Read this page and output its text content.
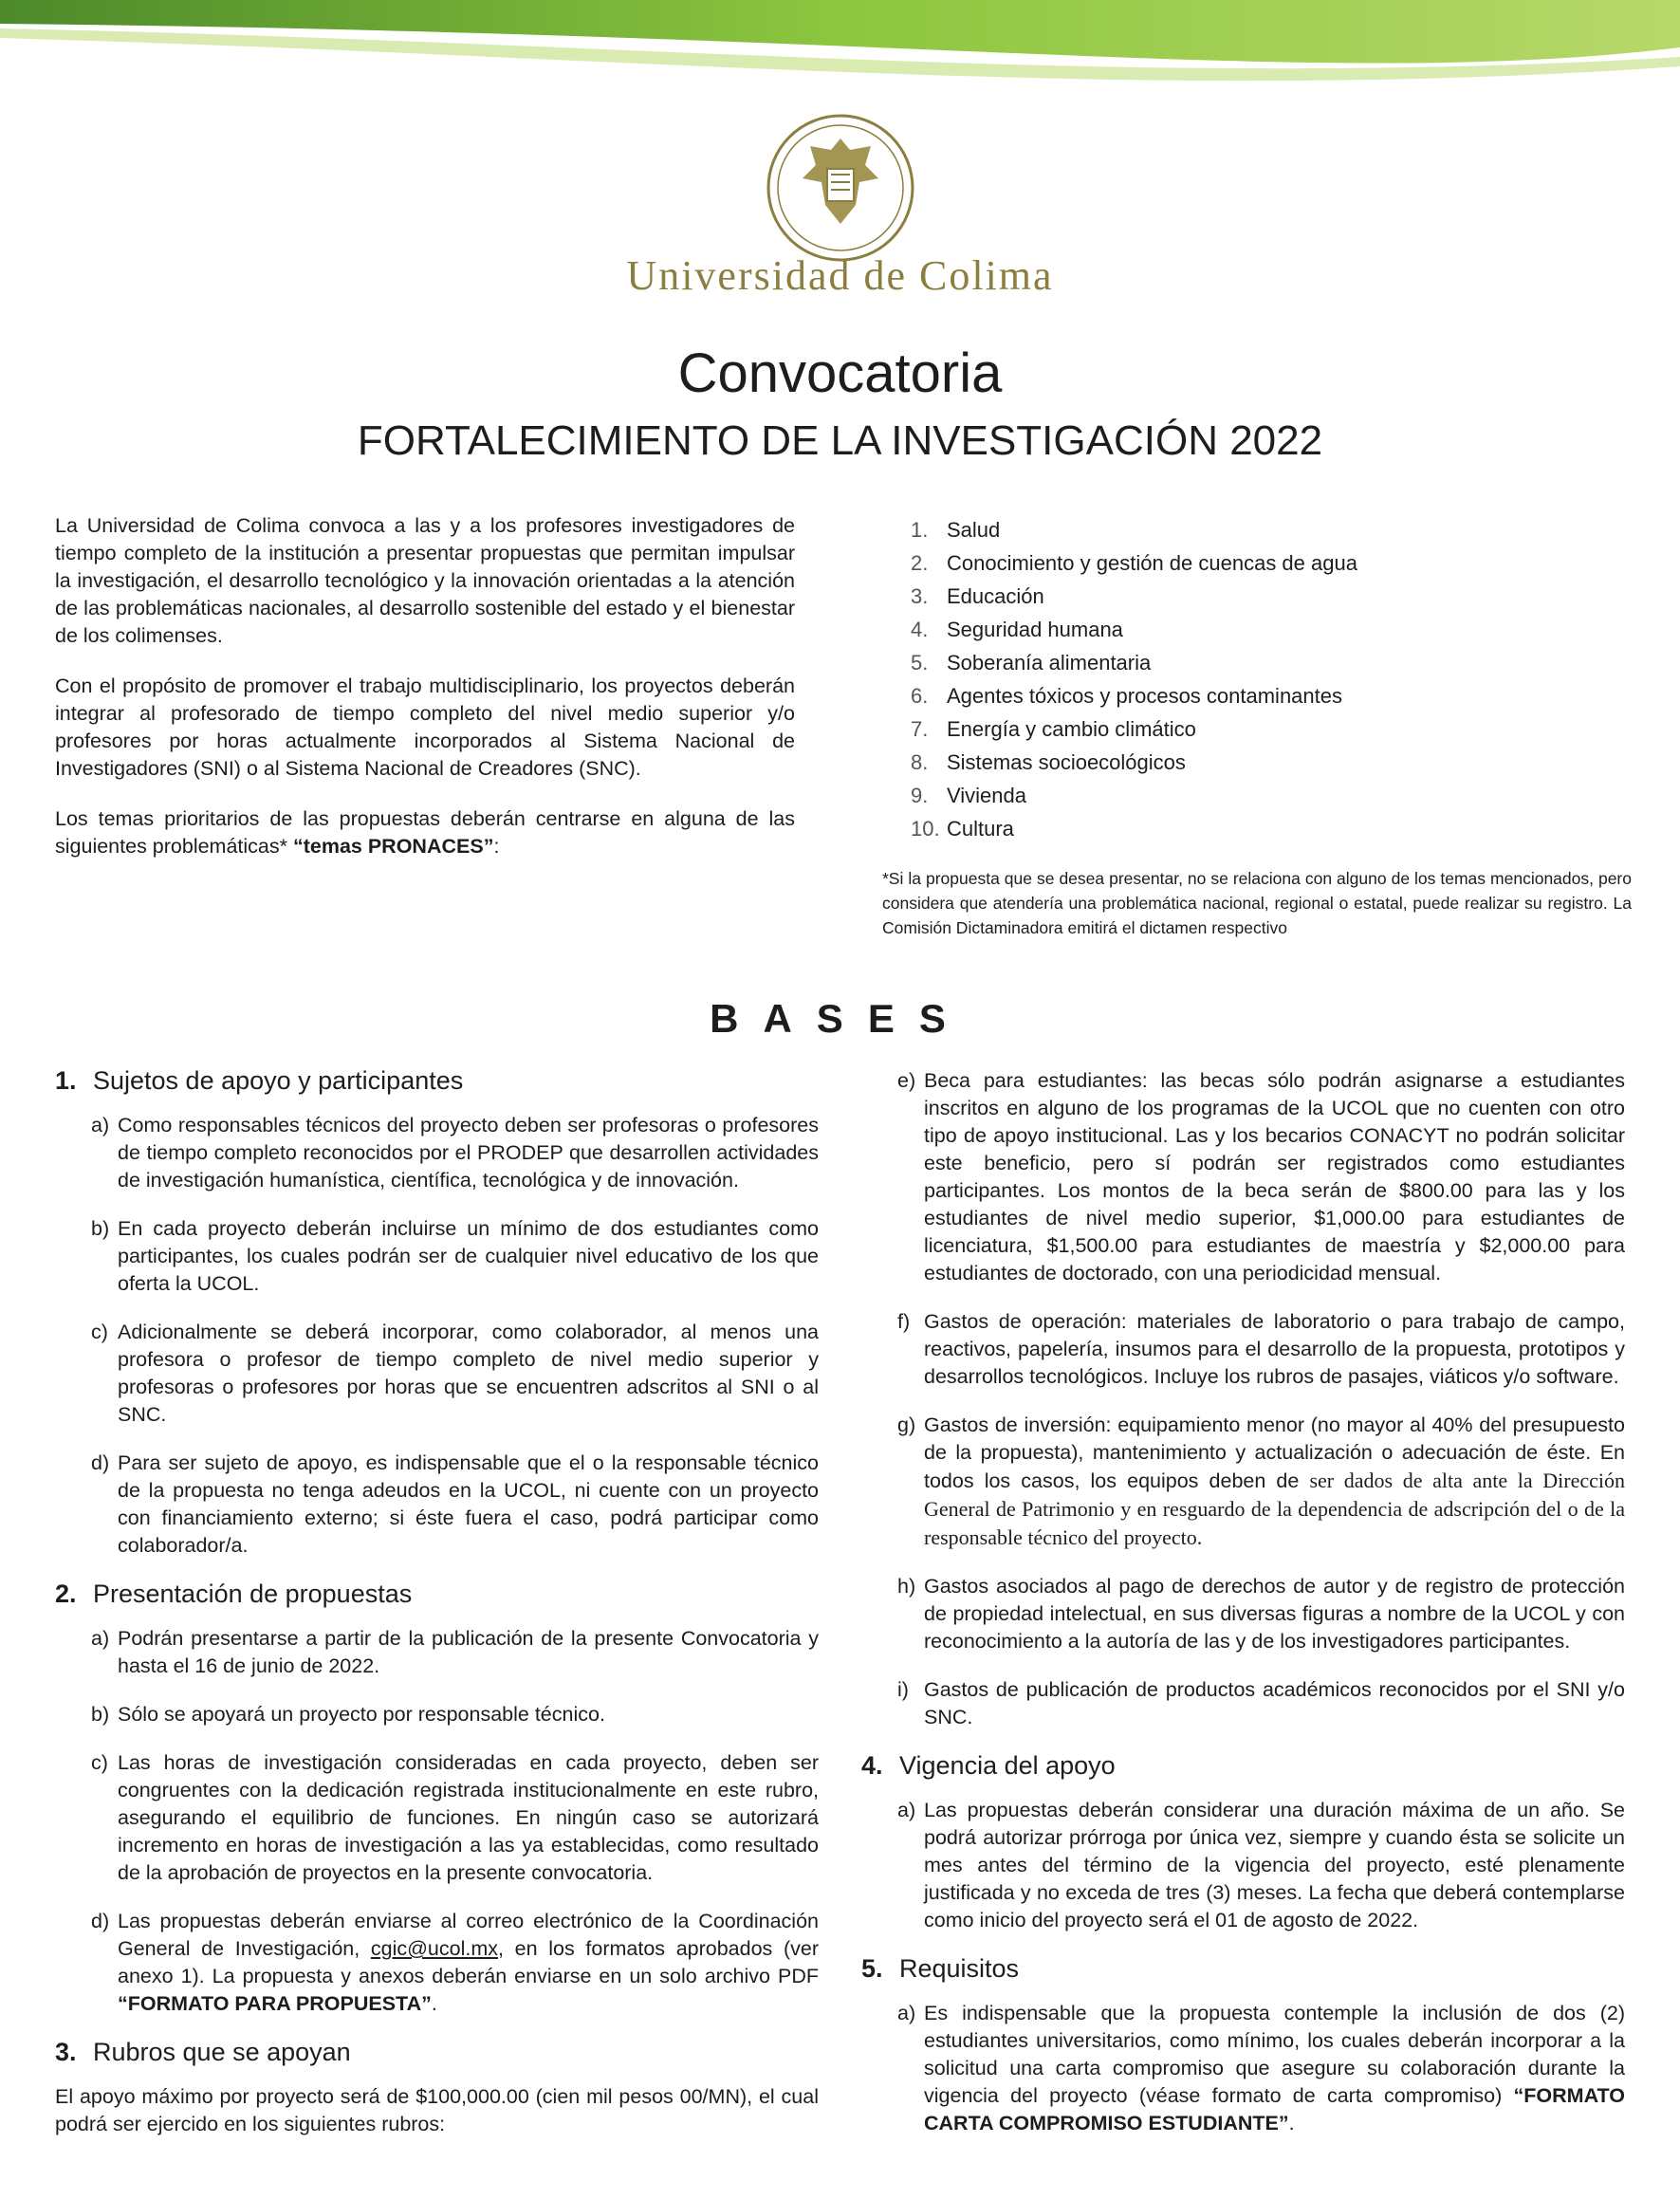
Universidad de Colima
Convocatoria
FORTALECIMIENTO DE LA INVESTIGACIÓN 2022

La Universidad de Colima convoca a las y a los profesores investigadores de tiempo completo de la institución a presentar propuestas que permitan impulsar la investigación, el desarrollo tecnológico y la innovación orientadas a la atención de las problemáticas nacionales, al desarrollo sostenible del estado y el bienestar de los colimenses.

Con el propósito de promover el trabajo multidisciplinario, los proyectos deberán integrar al profesorado de tiempo completo del nivel medio superior y/o profesores por horas actualmente incorporados al Sistema Nacional de Investigadores (SNI) o al Sistema Nacional de Creadores (SNC).

Los temas prioritarios de las propuestas deberán centrarse en alguna de las siguientes problemáticas* “temas PRONACES”:

1. Salud
2. Conocimiento y gestión de cuencas de agua
3. Educación
4. Seguridad humana
5. Soberanía alimentaria
6. Agentes tóxicos y procesos contaminantes
7. Energía y cambio climático
8. Sistemas socioecológicos
9. Vivienda
10. Cultura
*Si la propuesta que se desea presentar, no se relaciona con alguno de los temas mencionados, pero considera que atendería una problemática nacional, regional o estatal, puede realizar su registro. La Comisión Dictaminadora emitirá el dictamen respectivo
BASES
1. Sujetos de apoyo y participantes
a) Como responsables técnicos del proyecto deben ser profesoras o profesores de tiempo completo reconocidos por el PRODEP que desarrollen actividades de investigación humanística, científica, tecnológica y de innovación.
b) En cada proyecto deberán incluirse un mínimo de dos estudiantes como participantes, los cuales podrán ser de cualquier nivel educativo de los que oferta la UCOL.
c) Adicionalmente se deberá incorporar, como colaborador, al menos una profesora o profesor de tiempo completo de nivel medio superior y profesoras o profesores por horas que se encuentren adscritos al SNI o al SNC.
d) Para ser sujeto de apoyo, es indispensable que el o la responsable técnico de la propuesta no tenga adeudos en la UCOL, ni cuente con un proyecto con financiamiento externo; si éste fuera el caso, podrá participar como colaborador/a.
2. Presentación de propuestas
a) Podrán presentarse a partir de la publicación de la presente Convocatoria y hasta el 16 de junio de 2022.
b) Sólo se apoyará un proyecto por responsable técnico.
c) Las horas de investigación consideradas en cada proyecto, deben ser congruentes con la dedicación registrada institucionalmente en este rubro, asegurando el equilibrio de funciones. En ningún caso se autorizará incremento en horas de investigación a las ya establecidas, como resultado de la aprobación de proyectos en la presente convocatoria.
d) Las propuestas deberán enviarse al correo electrónico de la Coordinación General de Investigación, cgic@ucol.mx, en los formatos aprobados (ver anexo 1). La propuesta y anexos deberán enviarse en un solo archivo PDF “FORMATO PARA PROPUESTA”.
3. Rubros que se apoyan

El apoyo máximo por proyecto será de $100,000.00 (cien mil pesos 00/MN), el cual podrá ser ejercido en los siguientes rubros:

e) Beca para estudiantes: las becas sólo podrán asignarse a estudiantes inscritos en alguno de los programas de la UCOL que no cuenten con otro tipo de apoyo institucional. Las y los becarios CONACYT no podrán solicitar este beneficio, pero sí podrán ser registrados como estudiantes participantes. Los montos de la beca serán de $800.00 para las y los estudiantes de nivel medio superior, $1,000.00 para estudiantes de licenciatura, $1,500.00 para estudiantes de maestría y $2,000.00 para estudiantes de doctorado, con una periodicidad mensual.
f) Gastos de operación: materiales de laboratorio o para trabajo de campo, reactivos, papelería, insumos para el desarrollo de la propuesta, prototipos y desarrollos tecnológicos. Incluye los rubros de pasajes, viáticos y/o software.
g) Gastos de inversión: equipamiento menor (no mayor al 40% del presupuesto de la propuesta), mantenimiento y actualización o adecuación de éste. En todos los casos, los equipos deben de ser dados de alta ante la Dirección General de Patrimonio y en resguardo de la dependencia de adscripción del o de la responsable técnico del proyecto.
h) Gastos asociados al pago de derechos de autor y de registro de protección de propiedad intelectual, en sus diversas figuras a nombre de la UCOL y con reconocimiento a la autoría de las y de los investigadores participantes.
i) Gastos de publicación de productos académicos reconocidos por el SNI y/o SNC.
4. Vigencia del apoyo
a) Las propuestas deberán considerar una duración máxima de un año. Se podrá autorizar prórroga por única vez, siempre y cuando ésta se solicite un mes antes del término de la vigencia del proyecto, esté plenamente justificada y no exceda de tres (3) meses. La fecha que deberá contemplarse como inicio del proyecto será el 01 de agosto de 2022.
5. Requisitos
a) Es indispensable que la propuesta contemple la inclusión de dos (2) estudiantes universitarios, como mínimo, los cuales deberán incorporar a la solicitud una carta compromiso que asegure su colaboración durante la vigencia del proyecto (véase formato de carta compromiso) “FORMATO CARTA COMPROMISO ESTUDIANTE”.
